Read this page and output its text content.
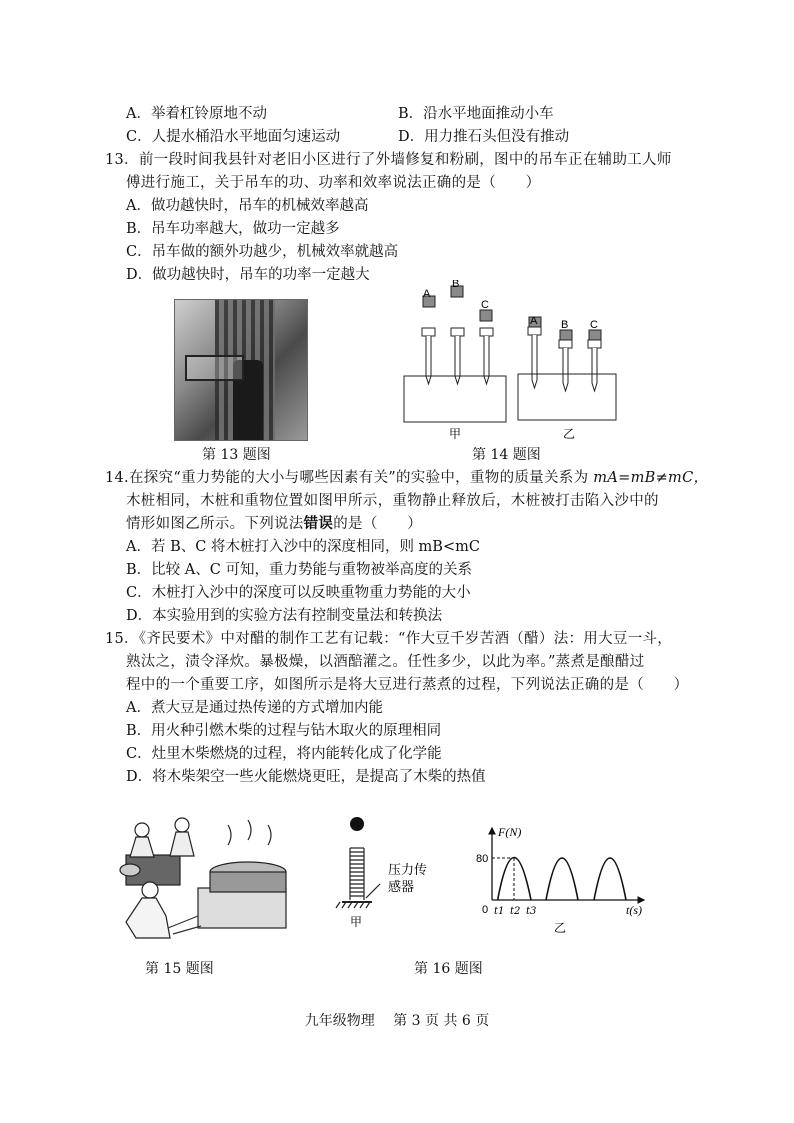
A．举着杠铃原地不动	B．沿水平地面推动小车
C．人提水桶沿水平地面匀速运动	D．用力推石头但没有推动
13．前一段时间我县针对老旧小区进行了外墙修复和粉刷，图中的吊车正在辅助工人师
傅进行施工，关于吊车的功、功率和效率说法正确的是（　　）
A．做功越快时，吊车的机械效率越高
B．吊车功率越大，做功一定越多
C．吊车做的额外功越少，机械效率就越高
D．做功越快时，吊车的功率一定越大
第 13 题图
A
B
C
A B C
甲	乙
第 14 题图
14.在探究“重力势能的大小与哪些因素有关”的实验中，重物的质量关系为 mA=mB≠mC，
木桩相同，木桩和重物位置如图甲所示，重物静止释放后，木桩被打击陷入沙中的
情形如图乙所示。下列说法错误的是（　　）
A．若 B、C 将木桩打入沙中的深度相同，则 mB<mC
B．比较 A、C 可知，重力势能与重物被举高度的关系
C．木桩打入沙中的深度可以反映重物重力势能的大小
D．本实验用到的实验方法有控制变量法和转换法
15．《齐民要术》中对醋的制作工艺有记载：“作大豆千岁苦酒（醋）法：用大豆一斗，
熟汰之，渍令泽炊。暴极燥，以酒醅灌之。任性多少，以此为率。”蒸煮是酿醋过
程中的一个重要工序，如图所示是将大豆进行蒸煮的过程，下列说法正确的是（　　）
A．煮大豆是通过热传递的方式增加内能
B．用火种引燃木柴的过程与钻木取火的原理相同
C．灶里木柴燃烧的过程，将内能转化成了化学能
D．将木柴架空一些火能燃烧更旺，是提高了木柴的热值
第 15 题图
压力传
感器
甲
F(N)
t(s)
80
0 t1 t2 t3
乙
第 16 题图
九年级物理　 第 3 页 共 6 页
